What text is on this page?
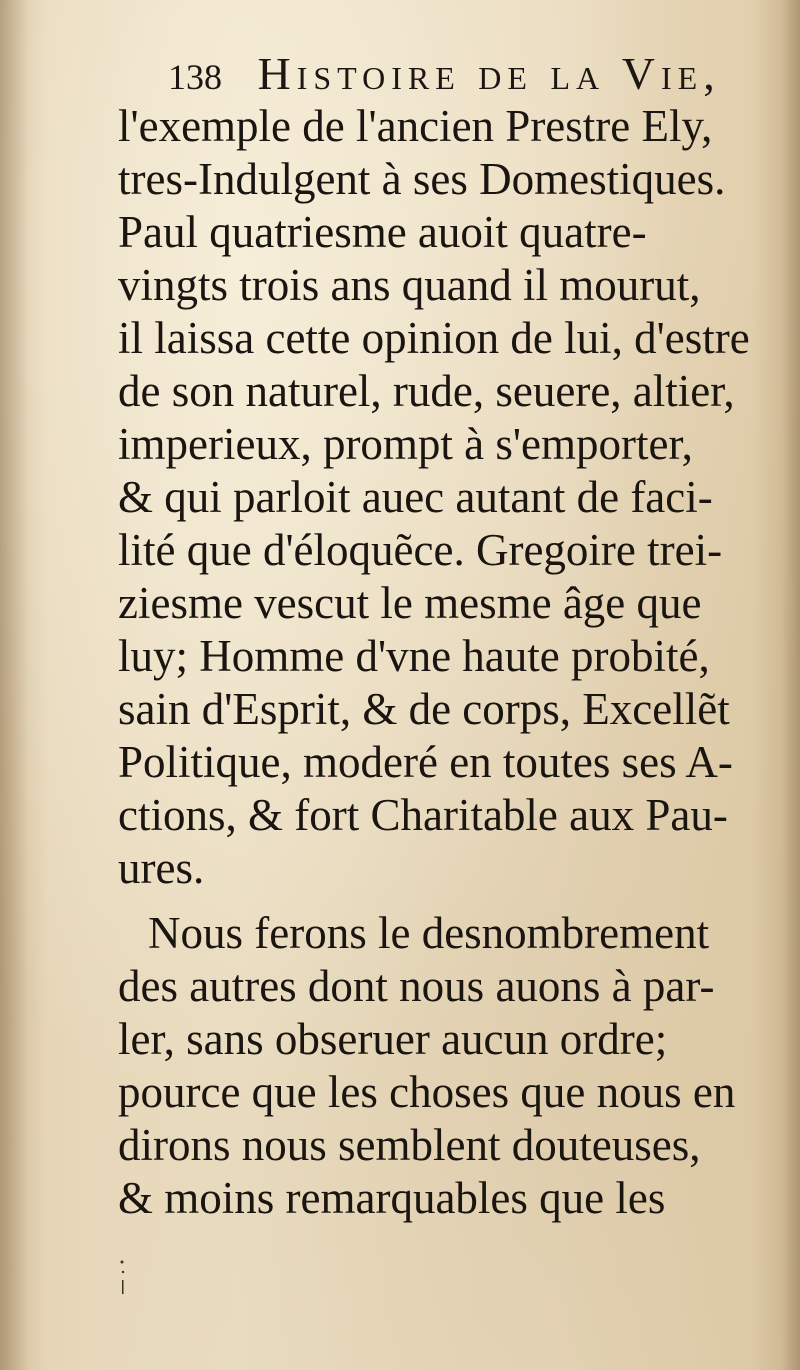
138 Histoire de la Vie,
l'exemple de l'ancien Prestre Ely,
tres-Indulgent à ses Domestiques.
Paul quatriesme auoit quatre-
vingts trois ans quand il mourut,
il laissa cette opinion de lui, d'estre
de son naturel, rude, seuere, altier,
imperieux, prompt à s'emporter,
& qui parloit auec autant de faci-
lité que d'éloquẽce. Gregoire trei-
ziesme vescut le mesme âge que
luy; Homme d'vne haute probité,
sain d'Esprit, & de corps, Excellẽt
Politique, moderé en toutes ses A-
ctions, & fort Charitable aux Pau-
ures.
Nous ferons le desnombrement
des autres dont nous auons à par-
ler, sans obseruer aucun ordre;
pource que les choses que nous en
dirons nous semblent douteuses,
& moins remarquables que les
